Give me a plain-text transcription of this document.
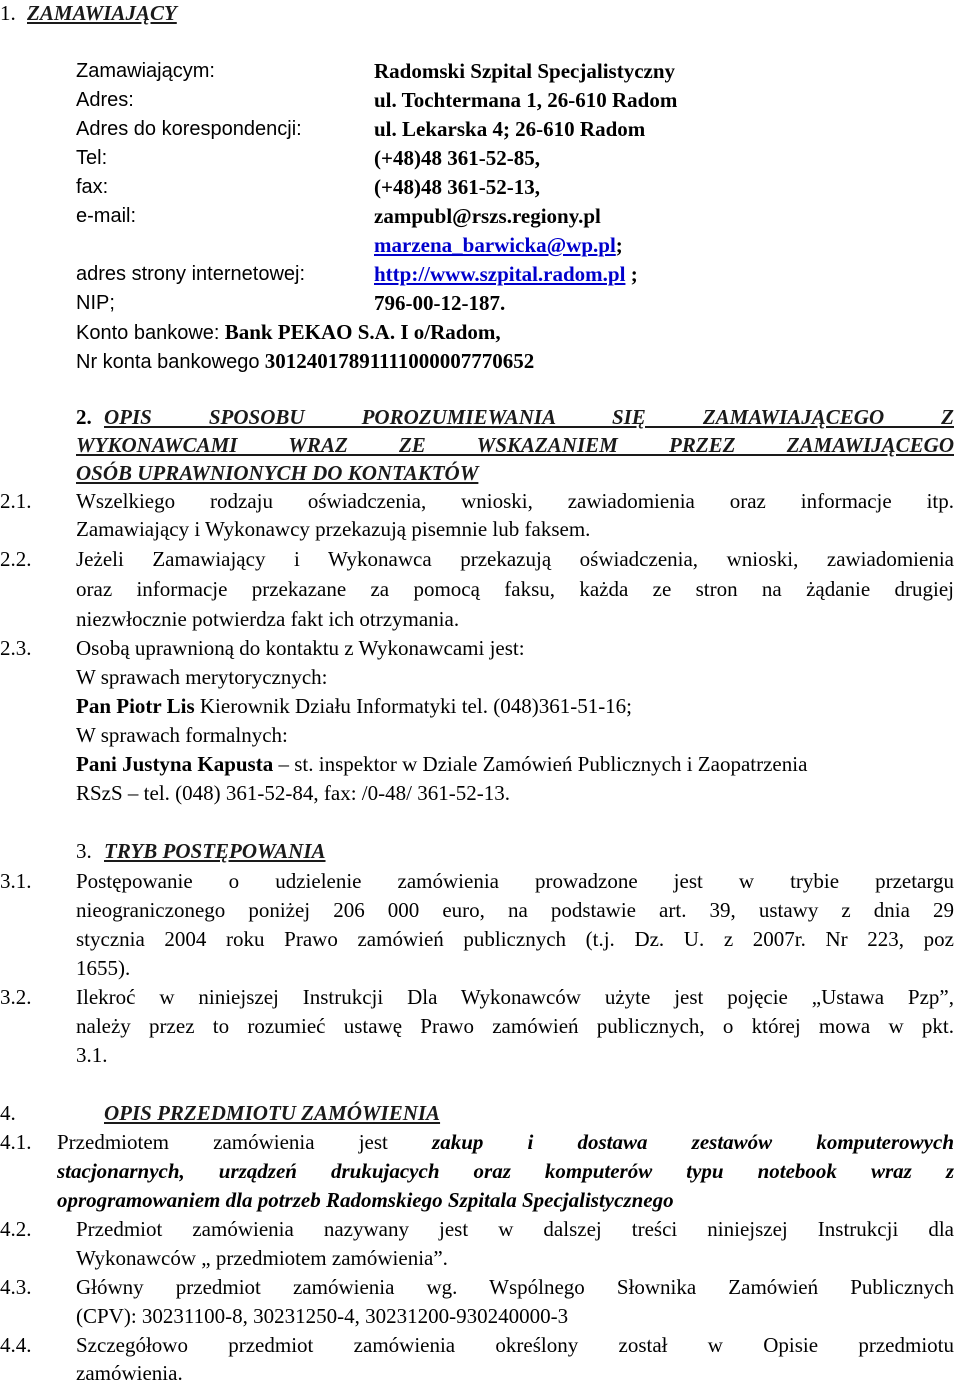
1. ZAMAWIAJĄCY
Zamawiającym:	Radomski Szpital Specjalistyczny
Adres:	ul. Tochtermana 1, 26-610 Radom
Adres do korespondencji:	ul. Lekarska 4; 26-610 Radom
Tel:	(+48)48 361-52-85,
fax:	(+48)48 361-52-13,
e-mail:	zampubl@rszs.regiony.pl
marzena_barwicka@wp.pl;
adres strony internetowej:	http://www.szpital.radom.pl ;
NIP;	796-00-12-187.
Konto bankowe: Bank PEKAO S.A. I o/Radom,
Nr konta bankowego 30124017891111000007770652
2. OPIS SPOSOBU POROZUMIEWANIA SIĘ ZAMAWIAJĄCEGO Z
WYKONAWCAMI WRAZ ZE WSKAZANIEM PRZEZ ZAMAWIJĄCEGO
OSÓB UPRAWNIONYCH DO KONTAKTÓW
2.1. Wszelkiego rodzaju oświadczenia, wnioski, zawiadomienia oraz informacje itp.
Zamawiający i Wykonawcy przekazują pisemnie lub faksem.
2.2. Jeżeli Zamawiający i Wykonawca przekazują oświadczenia, wnioski, zawiadomienia
oraz informacje przekazane za pomocą faksu, każda ze stron na żądanie drugiej
niezwłocznie potwierdza fakt ich otrzymania.
2.3. Osobą uprawnioną do kontaktu z Wykonawcami jest:
W sprawach merytorycznych:
Pan Piotr Lis Kierownik Działu Informatyki tel. (048)361-51-16;
W sprawach formalnych:
Pani Justyna Kapusta – st. inspektor w Dziale Zamówień Publicznych i Zaopatrzenia
RSzS – tel. (048) 361-52-84, fax: /0-48/ 361-52-13.
3. TRYB POSTĘPOWANIA
3.1. Postępowanie o udzielenie zamówienia prowadzone jest w trybie przetargu
nieograniczonego poniżej 206 000 euro, na podstawie art. 39, ustawy z dnia 29
stycznia 2004 roku Prawo zamówień publicznych (t.j. Dz. U. z 2007r. Nr 223, poz
1655).
3.2. Ilekroć w niniejszej Instrukcji Dla Wykonawców użyte jest pojęcie „Ustawa Pzp”,
należy przez to rozumieć ustawę Prawo zamówień publicznych, o której mowa w pkt.
3.1.
4.	OPIS PRZEDMIOTU ZAMÓWIENIA
4.1. Przedmiotem zamówienia jest zakup i dostawa zestawów komputerowych
stacjonarnych, urządzeń drukujacych oraz komputerów typu notebook wraz z
oprogramowaniem dla potrzeb Radomskiego Szpitala Specjalistycznego
4.2. Przedmiot zamówienia nazywany jest w dalszej treści niniejszej Instrukcji dla
Wykonawców „ przedmiotem zamówienia”.
4.3. Główny przedmiot zamówienia wg. Wspólnego Słownika Zamówień Publicznych
(CPV): 30231100-8, 30231250-4, 30231200-930240000-3
4.4. Szczegółowo przedmiot zamówienia określony został w Opisie przedmiotu
zamówienia.
